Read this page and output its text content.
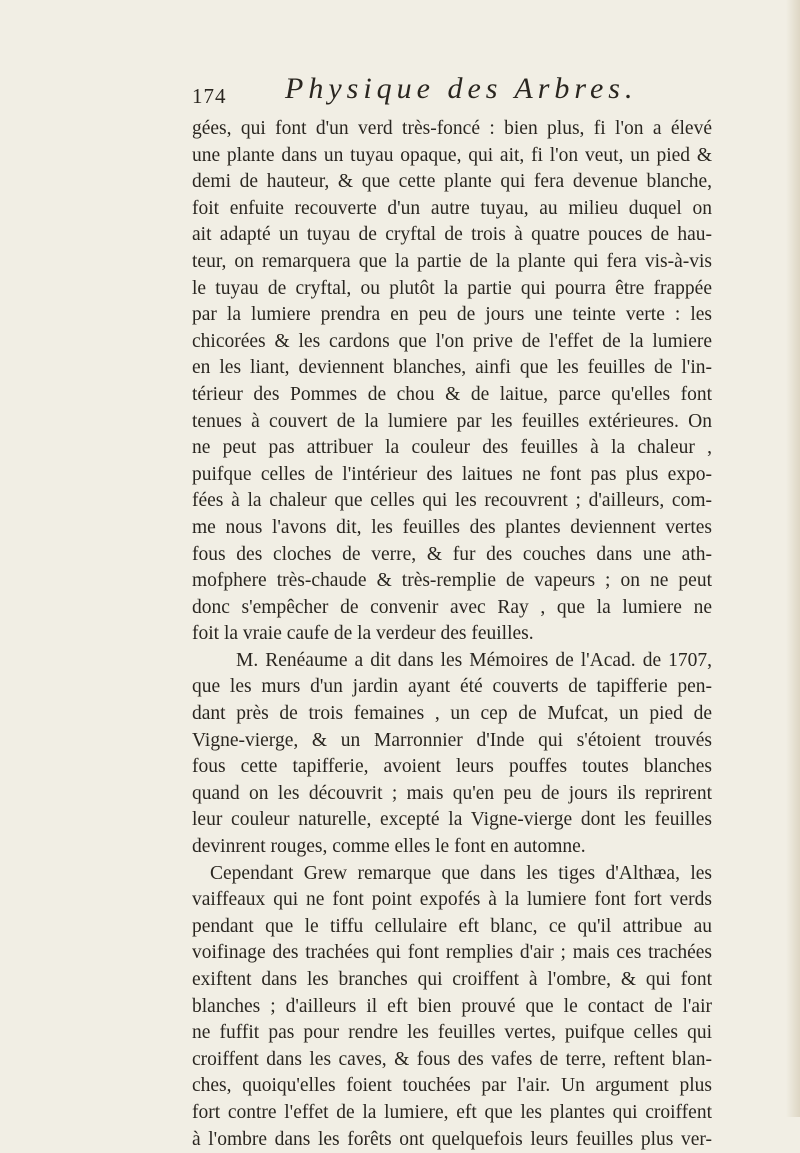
174 Physique des Arbres.
gées, qui font d'un verd très-foncé : bien plus, fi l'on a élevé
une plante dans un tuyau opaque, qui ait, fi l'on veut, un pied &
demi de hauteur, & que cette plante qui fera devenue blanche,
foit enfuite recouverte d'un autre tuyau, au milieu duquel on
ait adapté un tuyau de cryftal de trois à quatre pouces de hau-
teur, on remarquera que la partie de la plante qui fera vis-à-vis
le tuyau de cryftal, ou plutôt la partie qui pourra être frappée
par la lumiere prendra en peu de jours une teinte verte : les
chicorées & les cardons que l'on prive de l'effet de la lumiere
en les liant, deviennent blanches, ainfi que les feuilles de l'in-
térieur des Pommes de chou & de laitue, parce qu'elles font
tenues à couvert de la lumiere par les feuilles extérieures. On
ne peut pas attribuer la couleur des feuilles à la chaleur ,
puifque celles de l'intérieur des laitues ne font pas plus expo-
fées à la chaleur que celles qui les recouvrent ; d'ailleurs, com-
me nous l'avons dit, les feuilles des plantes deviennent vertes
fous des cloches de verre, & fur des couches dans une ath-
mofphere très-chaude & très-remplie de vapeurs ; on ne peut
donc s'empêcher de convenir avec Ray , que la lumiere ne
foit la vraie caufe de la verdeur des feuilles.
M. Renéaume a dit dans les Mémoires de l'Acad. de 1707,
que les murs d'un jardin ayant été couverts de tapifferie pen-
dant près de trois femaines , un cep de Mufcat, un pied de
Vigne-vierge, & un Marronnier d'Inde qui s'étoient trouvés
fous cette tapifferie, avoient leurs pouffes toutes blanches
quand on les découvrit ; mais qu'en peu de jours ils reprirent
leur couleur naturelle, excepté la Vigne-vierge dont les feuilles
devinrent rouges, comme elles le font en automne.
Cependant Grew remarque que dans les tiges d'Althæa, les
vaiffeaux qui ne font point expofés à la lumiere font fort verds
pendant que le tiffu cellulaire eft blanc, ce qu'il attribue au
voifinage des trachées qui font remplies d'air ; mais ces trachées
exiftent dans les branches qui croiffent à l'ombre, & qui font
blanches ; d'ailleurs il eft bien prouvé que le contact de l'air
ne fuffit pas pour rendre les feuilles vertes, puifque celles qui
croiffent dans les caves, & fous des vafes de terre, reftent blan-
ches, quoiqu'elles foient touchées par l'air. Un argument plus
fort contre l'effet de la lumiere, eft que les plantes qui croiffent
à l'ombre dans les forêts ont quelquefois leurs feuilles plus ver-
